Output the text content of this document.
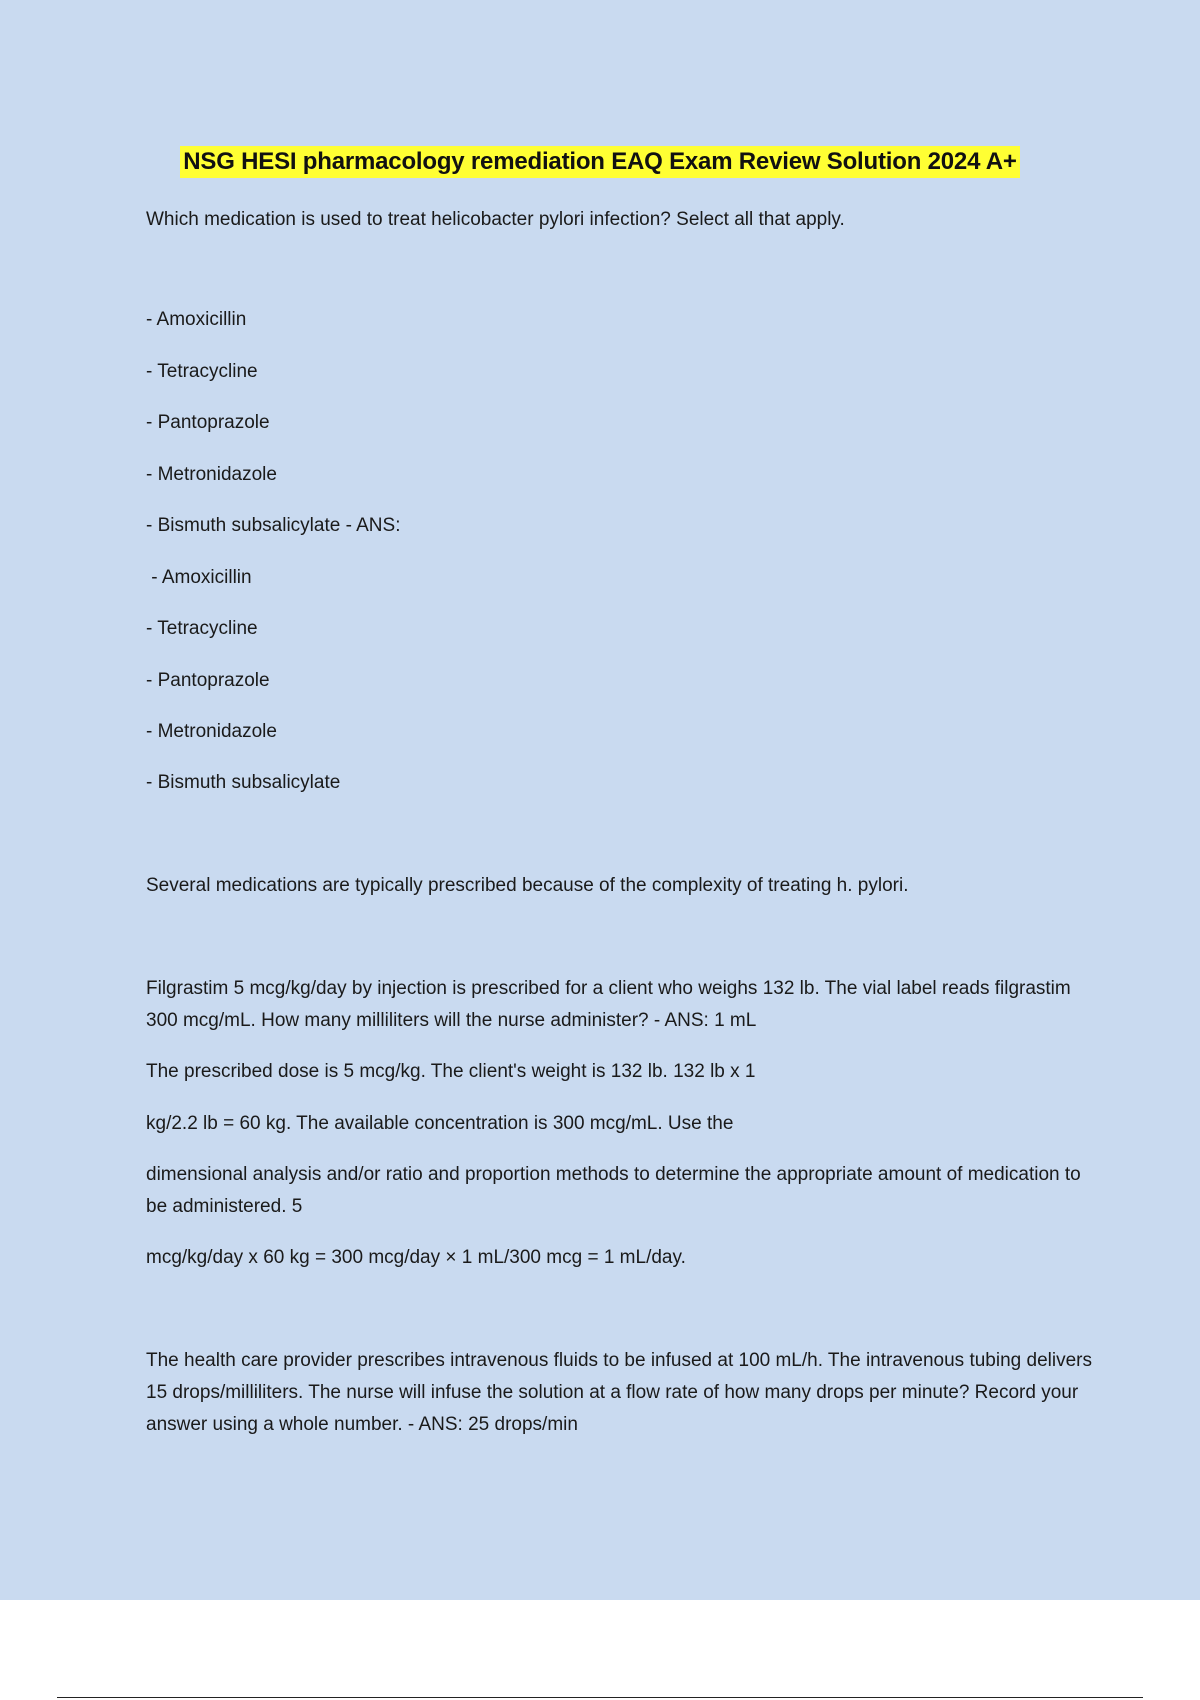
NSG HESI pharmacology remediation EAQ Exam Review Solution 2024 A+
Which medication is used to treat helicobacter pylori infection? Select all that apply.
- Amoxicillin
- Tetracycline
- Pantoprazole
- Metronidazole
- Bismuth subsalicylate - ANS:
- Amoxicillin
- Tetracycline
- Pantoprazole
- Metronidazole
- Bismuth subsalicylate
Several medications are typically prescribed because of the complexity of treating h. pylori.
Filgrastim 5 mcg/kg/day by injection is prescribed for a client who weighs 132 lb. The vial label reads filgrastim 300 mcg/mL. How many milliliters will the nurse administer? - ANS: 1 mL
The prescribed dose is 5 mcg/kg. The client's weight is 132 lb. 132 lb x 1
kg/2.2 lb = 60 kg. The available concentration is 300 mcg/mL. Use the
dimensional analysis and/or ratio and proportion methods to determine the appropriate amount of medication to be administered. 5
mcg/kg/day x 60 kg = 300 mcg/day × 1 mL/300 mcg = 1 mL/day.
The health care provider prescribes intravenous fluids to be infused at 100 mL/h. The intravenous tubing delivers 15 drops/milliliters. The nurse will infuse the solution at a flow rate of how many drops per minute? Record your answer using a whole number. - ANS: 25 drops/min
